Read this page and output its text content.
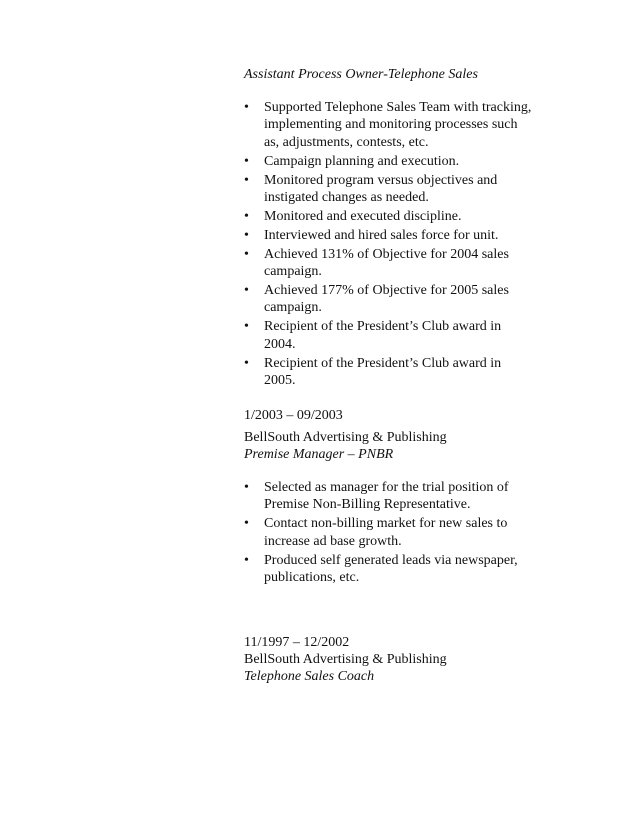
Assistant Process Owner-Telephone Sales
• Supported Telephone Sales Team with tracking,
implementing and monitoring processes such
as, adjustments, contests, etc.
• Campaign planning and execution.
• Monitored program versus objectives and
instigated changes as needed.
• Monitored and executed discipline.
• Interviewed and hired sales force for unit.
• Achieved 131% of Objective for 2004 sales
campaign.
• Achieved 177% of Objective for 2005 sales
campaign.
• Recipient of the President’s Club award in
2004.
• Recipient of the President’s Club award in
2005.
1/2003 – 09/2003
BellSouth Advertising & Publishing
Premise Manager – PNBR
• Selected as manager for the trial position of
Premise Non-Billing Representative.
• Contact non-billing market for new sales to
increase ad base growth.
• Produced self generated leads via newspaper,
publications, etc.
11/1997 – 12/2002
BellSouth Advertising & Publishing
Telephone Sales Coach
